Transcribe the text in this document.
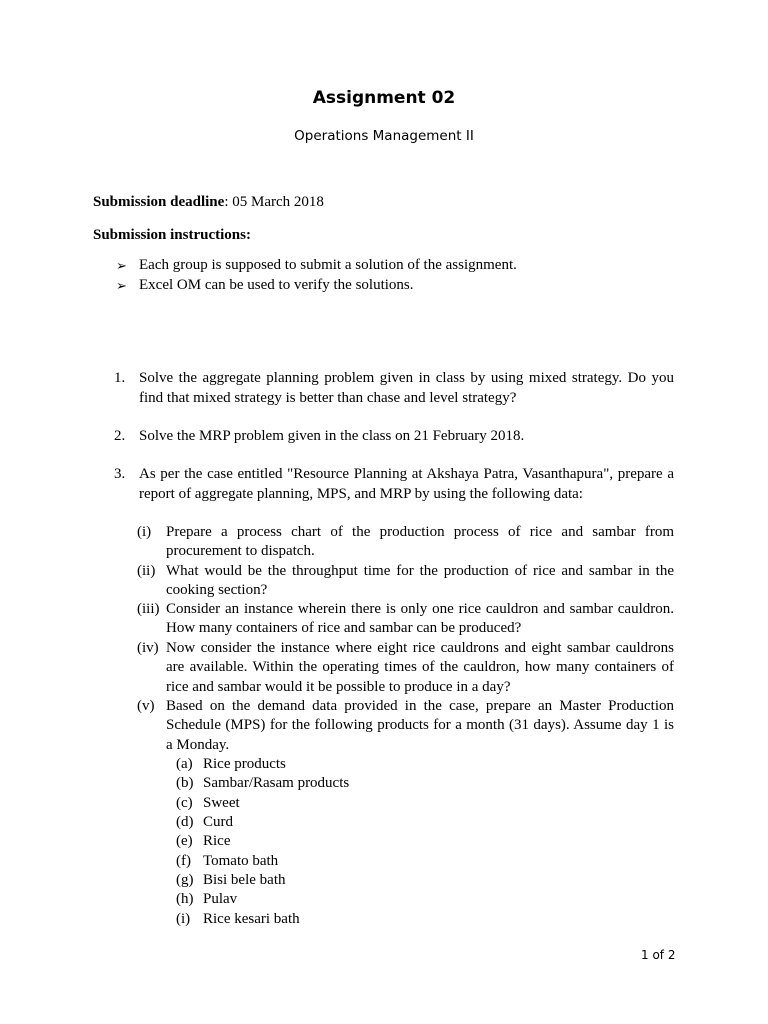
Assignment 02
Operations Management II
Submission deadline: 05 March 2018
Submission instructions:
➢ Each group is supposed to submit a solution of the assignment.
➢ Excel OM can be used to verify the solutions.
1. Solve the aggregate planning problem given in class by using mixed strategy. Do you find that mixed strategy is better than chase and level strategy?
2. Solve the MRP problem given in the class on 21 February 2018.
3. As per the case entitled "Resource Planning at Akshaya Patra, Vasanthapura", prepare a report of aggregate planning, MPS, and MRP by using the following data:
(i) Prepare a process chart of the production process of rice and sambar from procurement to dispatch.
(ii) What would be the throughput time for the production of rice and sambar in the cooking section?
(iii) Consider an instance wherein there is only one rice cauldron and sambar cauldron. How many containers of rice and sambar can be produced?
(iv) Now consider the instance where eight rice cauldrons and eight sambar cauldrons are available. Within the operating times of the cauldron, how many containers of rice and sambar would it be possible to produce in a day?
(v) Based on the demand data provided in the case, prepare an Master Production Schedule (MPS) for the following products for a month (31 days). Assume day 1 is a Monday.
(a) Rice products
(b) Sambar/Rasam products
(c) Sweet
(d) Curd
(e) Rice
(f) Tomato bath
(g) Bisi bele bath
(h) Pulav
(i) Rice kesari bath
1 of 2
